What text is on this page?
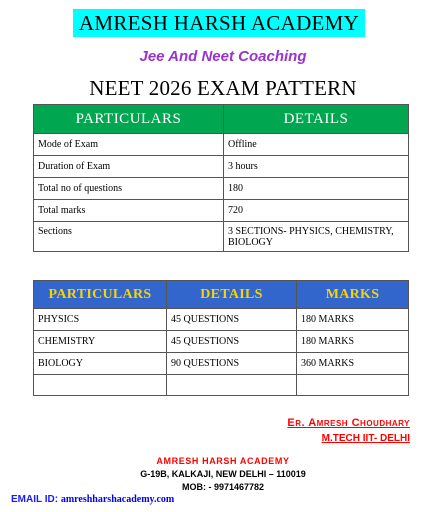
AMRESH HARSH ACADEMY
Jee And Neet Coaching
NEET 2026 EXAM PATTERN
PARTICULARS	DETAILS
Mode of Exam	Offline
Duration of Exam	3 hours
Total no of questions	180
Total marks	720
Sections	3 SECTIONS- PHYSICS, CHEMISTRY, BIOLOGY
PARTICULARS	DETAILS	MARKS
PHYSICS	45 QUESTIONS	180 MARKS
CHEMISTRY	45 QUESTIONS	180 MARKS
BIOLOGY	90 QUESTIONS	360 MARKS

Er. Amresh Choudhary
M.TECH IIT- DELHI
AMRESH HARSH ACADEMY
G-19B, KALKAJI, NEW DELHI – 110019
MOB: - 9971467782
EMAIL ID: amreshharshacademy.com
